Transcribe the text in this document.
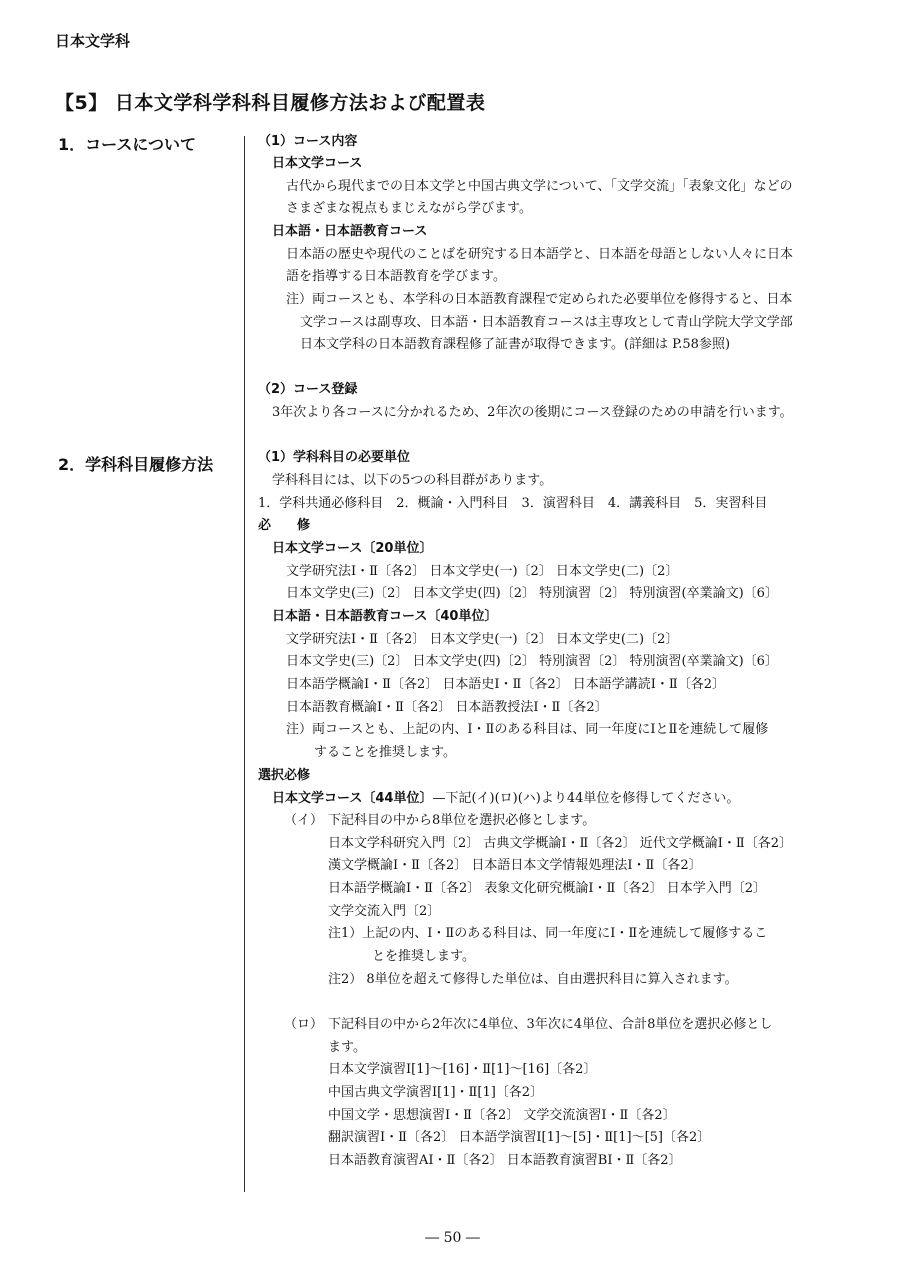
日本文学科
【5】 日本文学科学科科目履修方法および配置表
1．コースについて
2．学科科目履修方法
（1）コース内容
日本文学コース
古代から現代までの日本文学と中国古典文学について、「文学交流」「表象文化」などの
さまざまな視点もまじえながら学びます。
日本語・日本語教育コース
日本語の歴史や現代のことばを研究する日本語学と、日本語を母語としない人々に日本
語を指導する日本語教育を学びます。
注）両コースとも、本学科の日本語教育課程で定められた必要単位を修得すると、日本
文学コースは副専攻、日本語・日本語教育コースは主専攻として青山学院大学文学部
日本文学科の日本語教育課程修了証書が取得できます。(詳細は P.58参照)
（2）コース登録
3年次より各コースに分かれるため、2年次の後期にコース登録のための申請を行います。
（1）学科科目の必要単位
学科科目には、以下の5つの科目群があります。
1．学科共通必修科目　2．概論・入門科目　3．演習科目　4．講義科目　5．実習科目
必　　修
日本文学コース〔20単位〕
文学研究法Ⅰ・Ⅱ〔各2〕 日本文学史(一)〔2〕 日本文学史(二)〔2〕
日本文学史(三)〔2〕 日本文学史(四)〔2〕 特別演習〔2〕 特別演習(卒業論文)〔6〕
日本語・日本語教育コース〔40単位〕
文学研究法Ⅰ・Ⅱ〔各2〕 日本文学史(一)〔2〕 日本文学史(二)〔2〕
日本文学史(三)〔2〕 日本文学史(四)〔2〕 特別演習〔2〕 特別演習(卒業論文)〔6〕
日本語学概論Ⅰ・Ⅱ〔各2〕 日本語史Ⅰ・Ⅱ〔各2〕 日本語学講読Ⅰ・Ⅱ〔各2〕
日本語教育概論Ⅰ・Ⅱ〔各2〕 日本語教授法Ⅰ・Ⅱ〔各2〕
注）両コースとも、上記の内、Ⅰ・Ⅱのある科目は、同一年度にⅠとⅡを連続して履修
することを推奨します。
選択必修
日本文学コース〔44単位〕—下記(イ)(ロ)(ハ)より44単位を修得してください。
（イ） 下記科目の中から8単位を選択必修とします。
日本文学科研究入門〔2〕 古典文学概論Ⅰ・Ⅱ〔各2〕 近代文学概論Ⅰ・Ⅱ〔各2〕
漢文学概論Ⅰ・Ⅱ〔各2〕 日本語日本文学情報処理法Ⅰ・Ⅱ〔各2〕
日本語学概論Ⅰ・Ⅱ〔各2〕 表象文化研究概論Ⅰ・Ⅱ〔各2〕 日本学入門〔2〕
文学交流入門〔2〕
注1）上記の内、Ⅰ・Ⅱのある科目は、同一年度にⅠ・Ⅱを連続して履修するこ
とを推奨します。
注2） 8単位を超えて修得した単位は、自由選択科目に算入されます。
（ロ） 下記科目の中から2年次に4単位、3年次に4単位、合計8単位を選択必修とし
ます。
日本文学演習Ⅰ[1]〜[16]・Ⅱ[1]〜[16]〔各2〕
中国古典文学演習Ⅰ[1]・Ⅱ[1]〔各2〕
中国文学・思想演習Ⅰ・Ⅱ〔各2〕 文学交流演習Ⅰ・Ⅱ〔各2〕
翻訳演習Ⅰ・Ⅱ〔各2〕 日本語学演習Ⅰ[1]〜[5]・Ⅱ[1]〜[5]〔各2〕
日本語教育演習AⅠ・Ⅱ〔各2〕 日本語教育演習BⅠ・Ⅱ〔各2〕
― 50 ―
